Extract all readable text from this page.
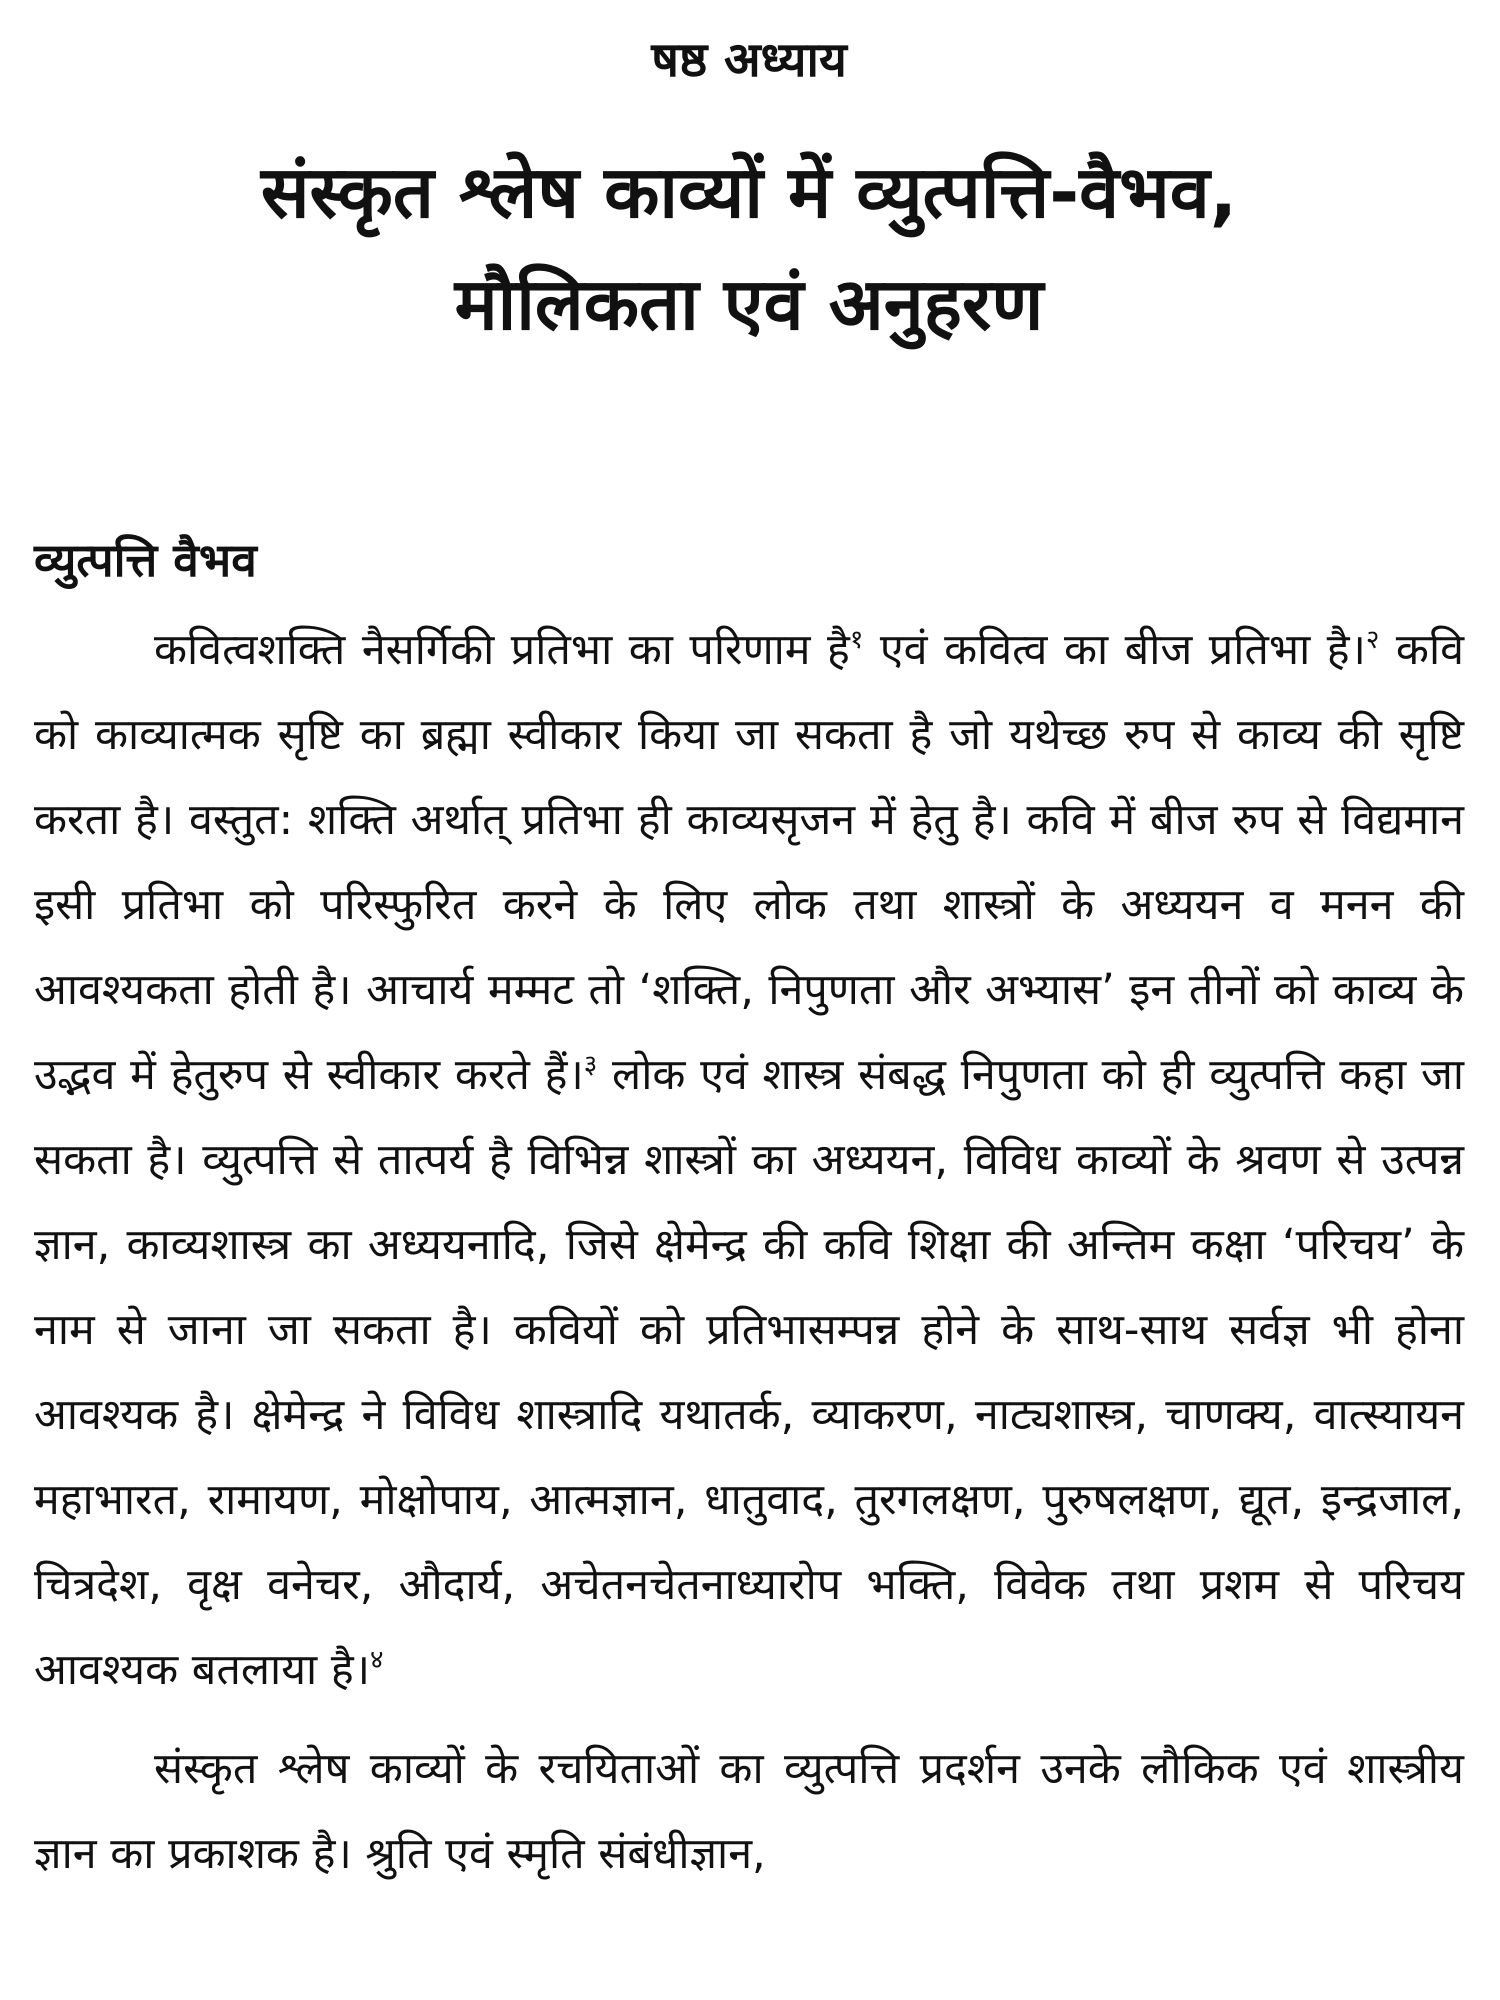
षष्ठ अध्याय
संस्कृत श्लेष काव्यों में व्युत्पत्ति-वैभव,
मौलिकता एवं अनुहरण
व्युत्पत्ति वैभव

कवित्वशक्ति नैसर्गिकी प्रतिभा का परिणाम है$^१$ एवं कवित्व का बीज प्रतिभा है।$^२$ कवि को काव्यात्मक सृष्टि का ब्रह्मा स्वीकार किया जा सकता है जो यथेच्छ रुप से काव्य की सृष्टि करता है। वस्तुत: शक्ति अर्थात् प्रतिभा ही काव्यसृजन में हेतु है। कवि में बीज रुप से विद्यमान इसी प्रतिभा को परिस्फुरित करने के लिए लोक तथा शास्त्रों के अध्ययन व मनन की आवश्यकता होती है। आचार्य मम्मट तो ‘शक्ति, निपुणता और अभ्यास’ इन तीनों को काव्य के उद्भव में हेतुरुप से स्वीकार करते हैं।$^३$ लोक एवं शास्त्र संबद्ध निपुणता को ही व्युत्पत्ति कहा जा सकता है। व्युत्पत्ति से तात्पर्य है विभिन्न शास्त्रों का अध्ययन, विविध काव्यों के श्रवण से उत्पन्न ज्ञान, काव्यशास्त्र का अध्ययनादि, जिसे क्षेमेन्द्र की कवि शिक्षा की अन्तिम कक्षा ‘परिचय’ के नाम से जाना जा सकता है। कवियों को प्रतिभासम्पन्न होने के साथ-साथ सर्वज्ञ भी होना आवश्यक है। क्षेमेन्द्र ने विविध शास्त्रादि यथातर्क, व्याकरण, नाट्यशास्त्र, चाणक्य, वात्स्यायन महाभारत, रामायण, मोक्षोपाय, आत्मज्ञान, धातुवाद, तुरगलक्षण, पुरुषलक्षण, द्यूत, इन्द्रजाल, चित्रदेश, वृक्ष वनेचर, औदार्य, अचेतनचेतनाध्यारोप भक्ति, विवेक तथा प्रशम से परिचय आवश्यक बतलाया है।$^४$

संस्कृत श्लेष काव्यों के रचयिताओं का व्युत्पत्ति प्रदर्शन उनके लौकिक एवं शास्त्रीय ज्ञान का प्रकाशक है। श्रुति एवं स्मृति संबंधीज्ञान,
